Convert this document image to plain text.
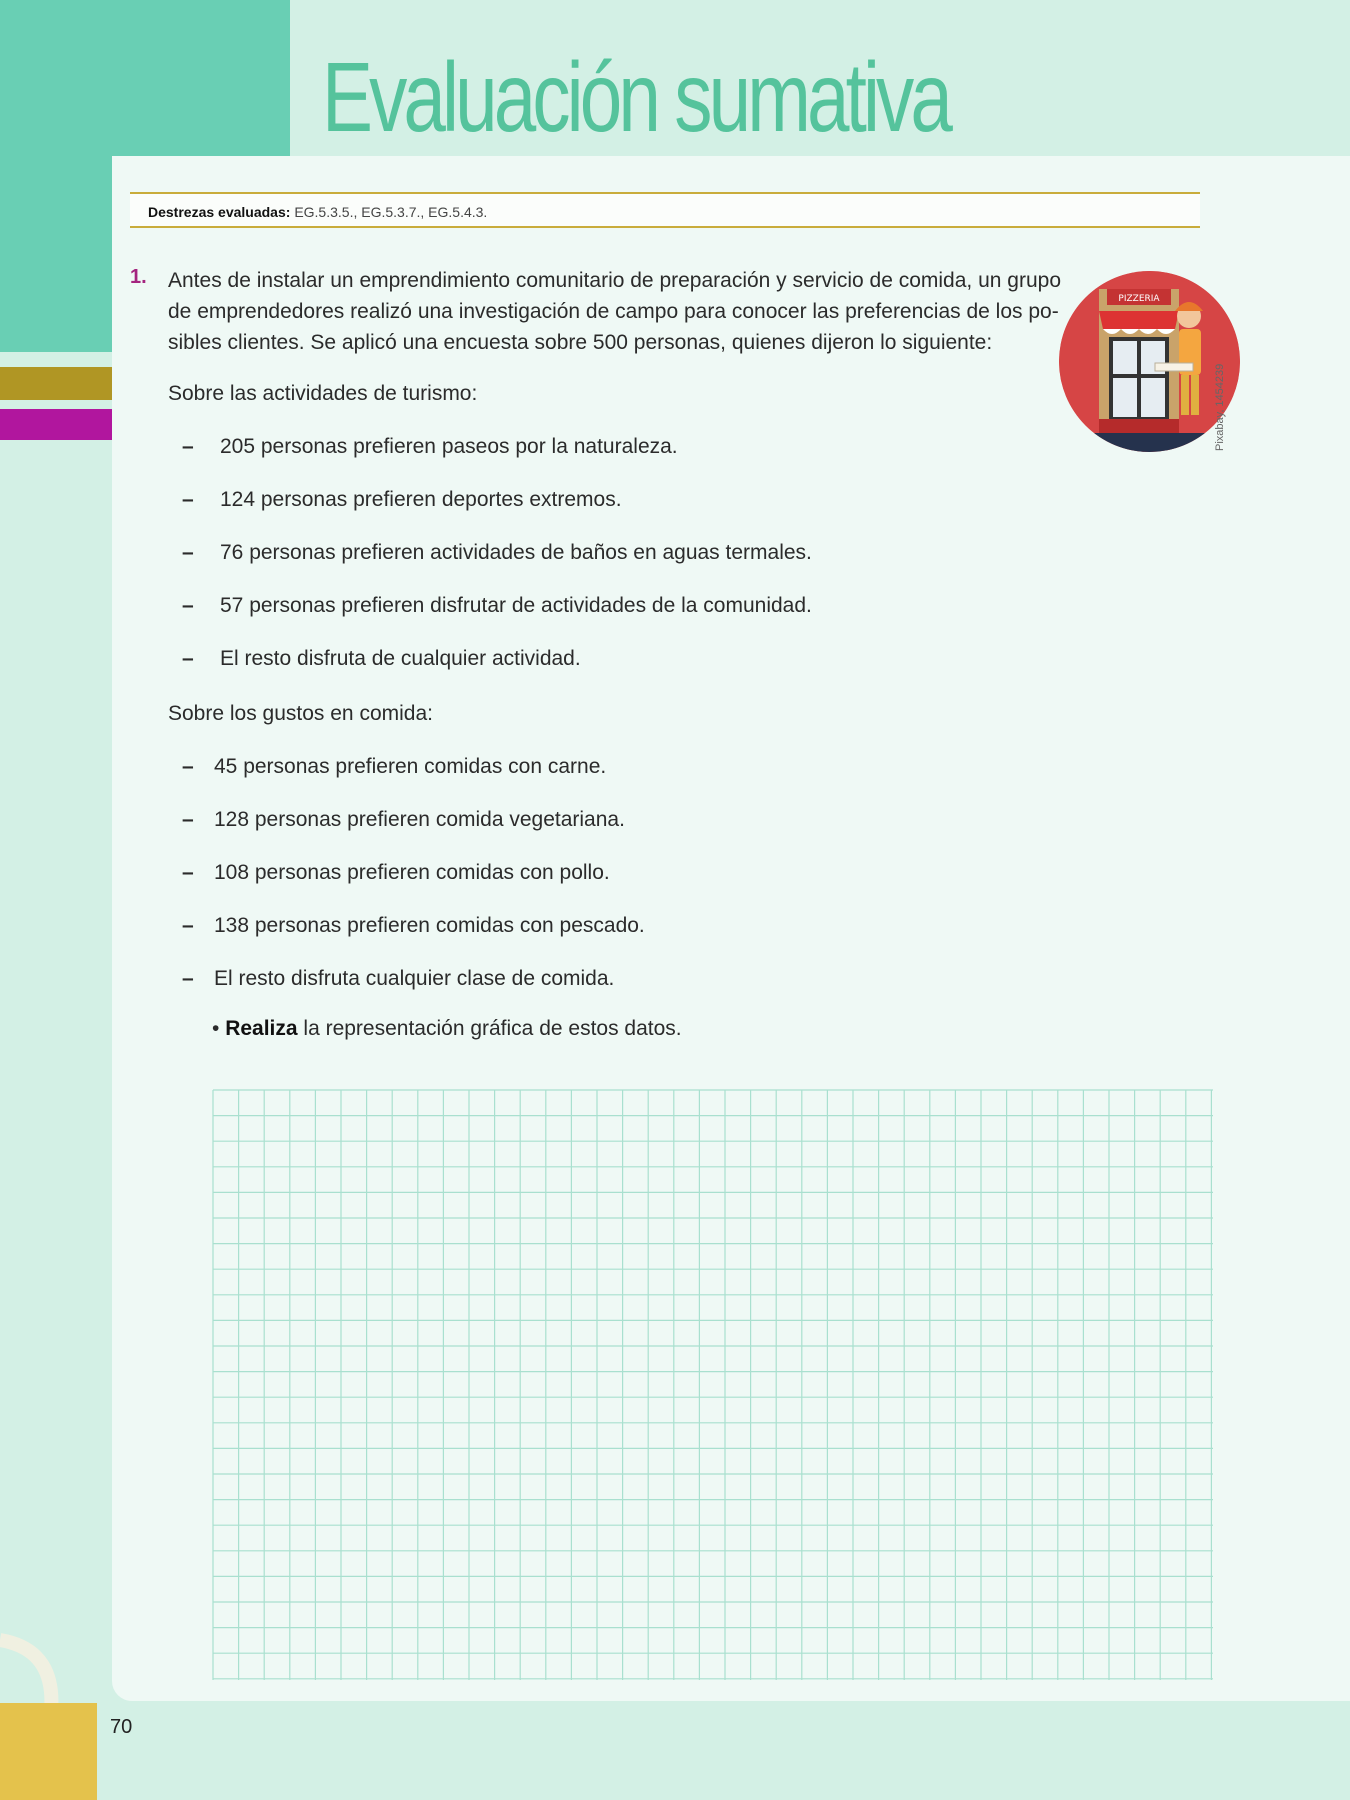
Evaluación sumativa
Destrezas evaluadas: EG.5.3.5., EG.5.3.7., EG.5.4.3.
1. Antes de instalar un emprendimiento comunitario de preparación y servicio de comida, un grupo
de emprendedores realizó una investigación de campo para conocer las preferencias de los po-
sibles clientes. Se aplicó una encuesta sobre 500 personas, quienes dijeron lo siguiente:

Sobre las actividades de turismo:

– 205 personas prefieren paseos por la naturaleza.
– 124 personas prefieren deportes extremos.
– 76 personas prefieren actividades de baños en aguas termales.
– 57 personas prefieren disfrutar de actividades de la comunidad.
– El resto disfruta de cualquier actividad.

Sobre los gustos en comida:

– 45 personas prefieren comidas con carne.
– 128 personas prefieren comida vegetariana.
– 108 personas prefieren comidas con pollo.
– 138 personas prefieren comidas con pescado.
– El resto disfruta cualquier clase de comida.
• Realiza la representación gráfica de estos datos.
PIZZERIA
Pixabay, 1454239
70
